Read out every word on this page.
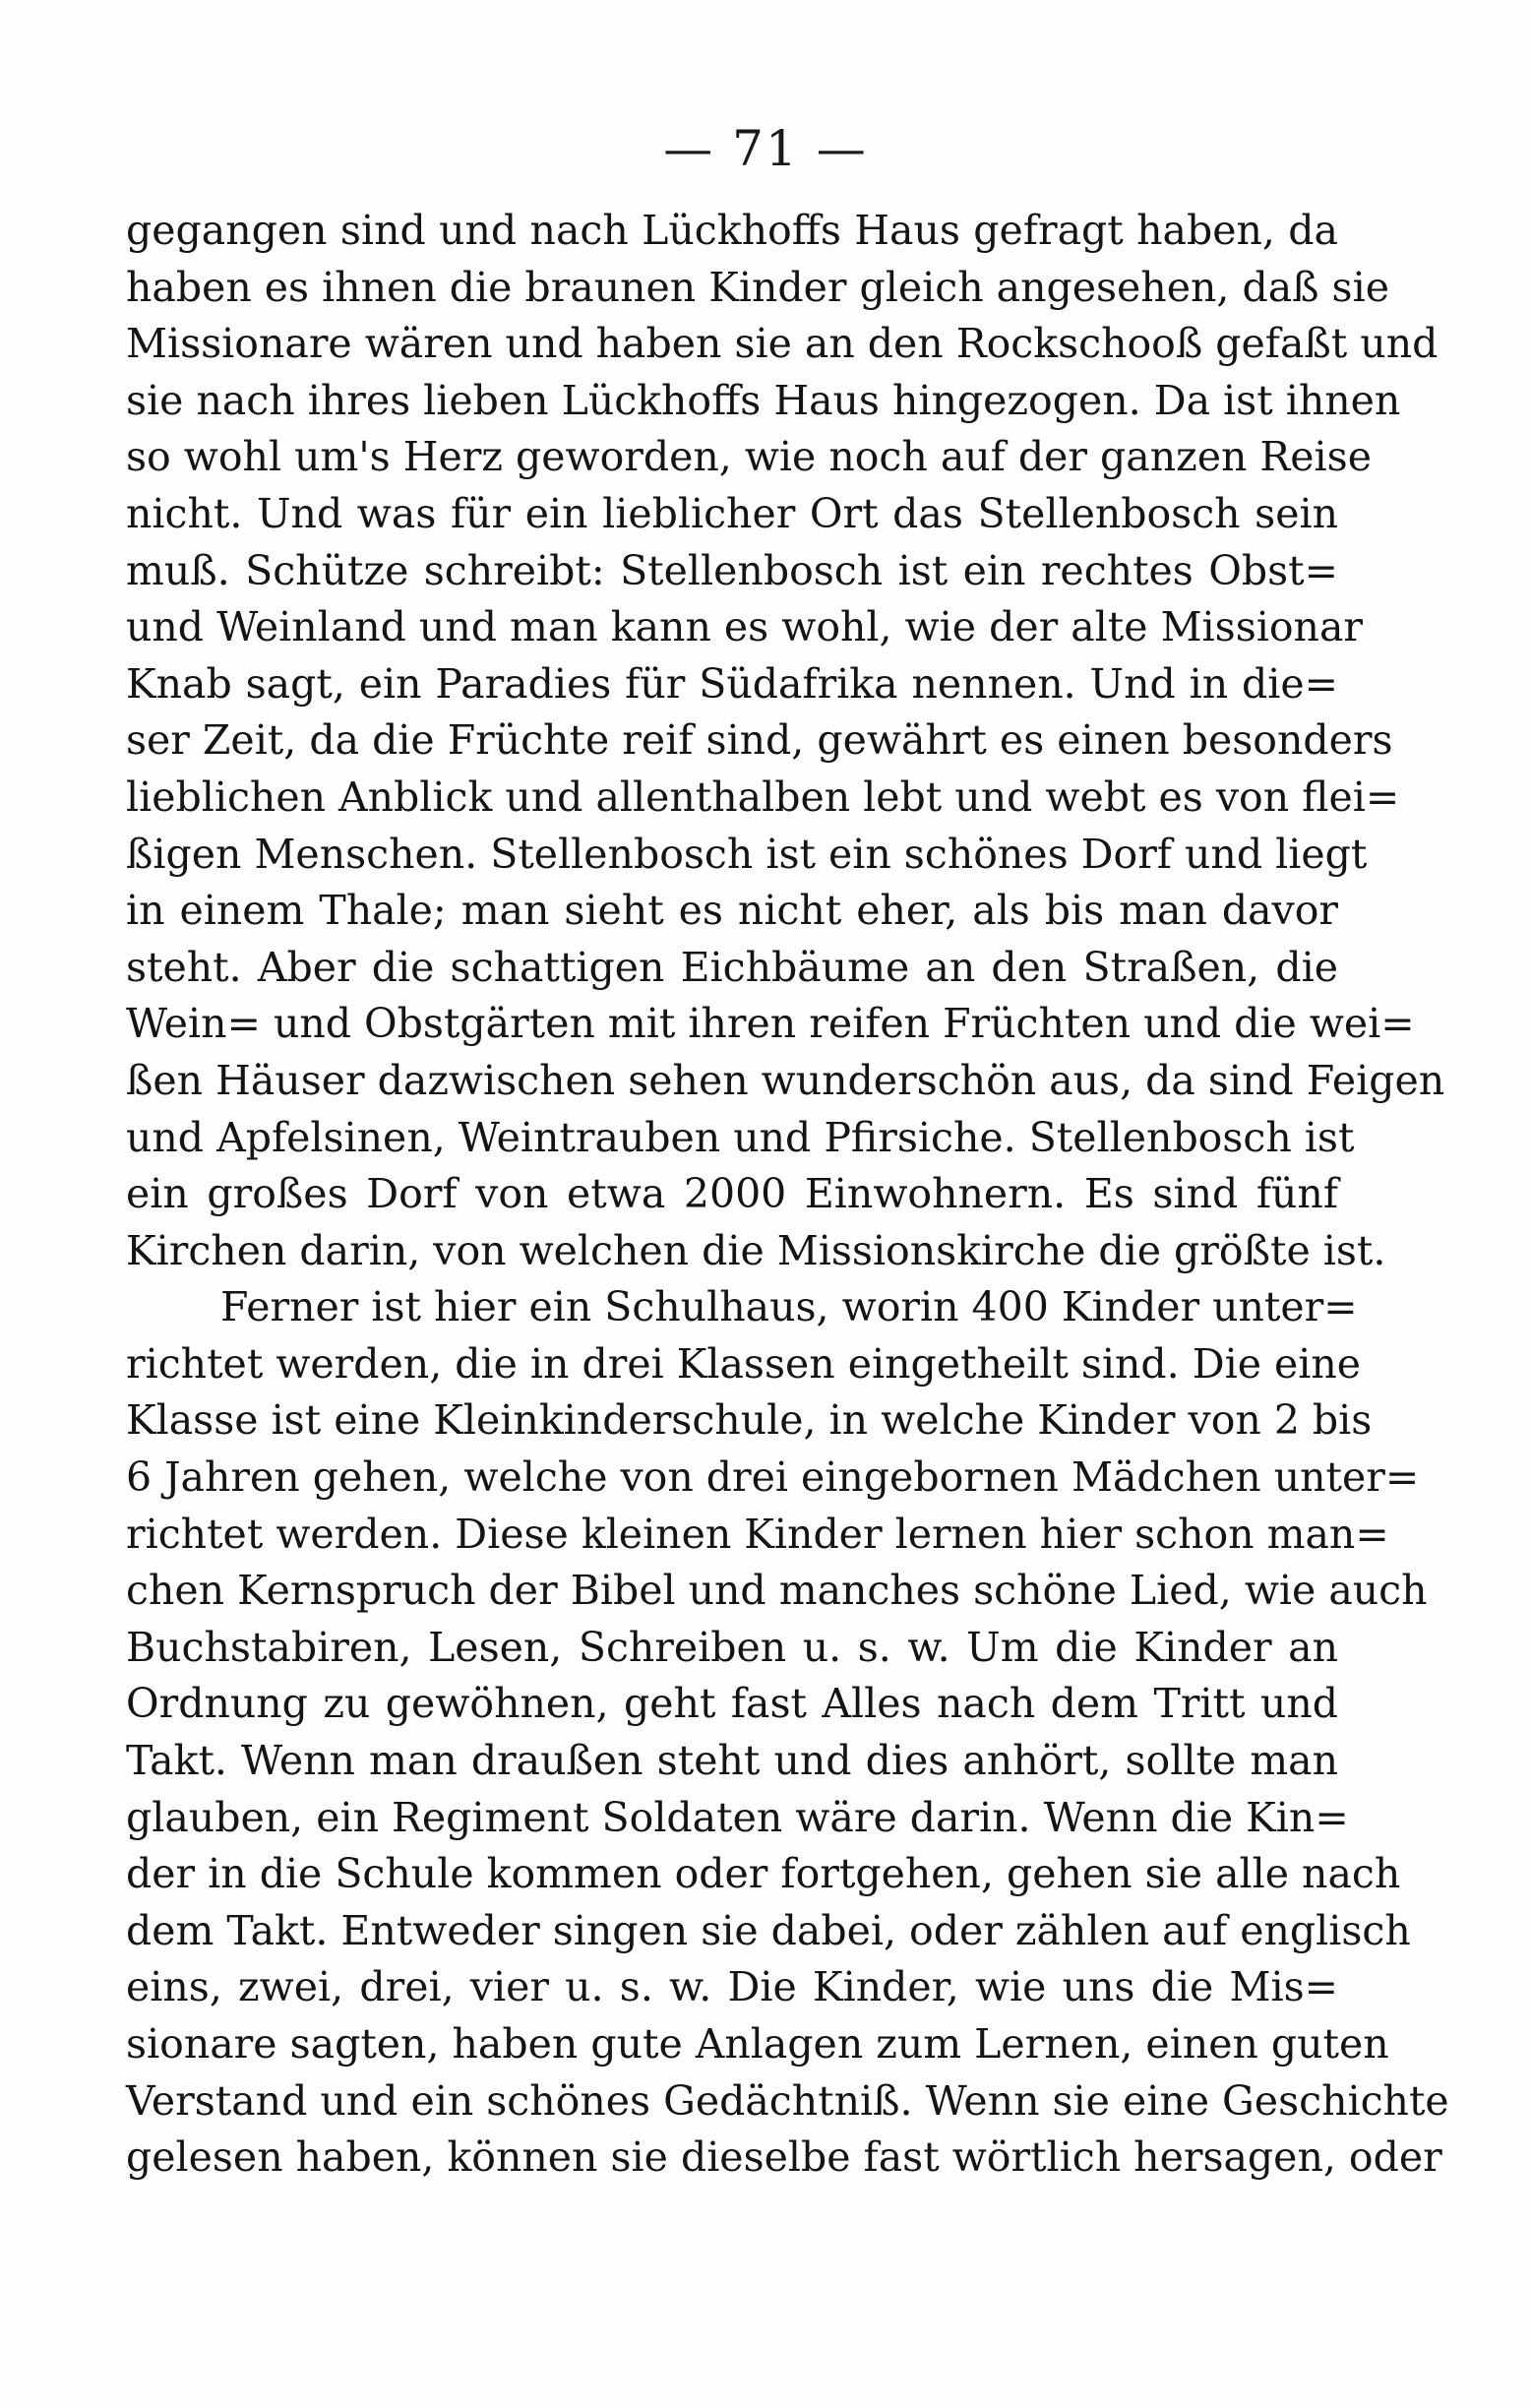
— 71 —
gegangen sind und nach Lückhoffs Haus gefragt haben, da
haben es ihnen die braunen Kinder gleich angesehen, daß sie
Missionare wären und haben sie an den Rockschooß gefaßt und
sie nach ihres lieben Lückhoffs Haus hingezogen. Da ist ihnen
so wohl um's Herz geworden, wie noch auf der ganzen Reise
nicht. Und was für ein lieblicher Ort das Stellenbosch sein
muß. Schütze schreibt: Stellenbosch ist ein rechtes Obst=
und Weinland und man kann es wohl, wie der alte Missionar
Knab sagt, ein Paradies für Südafrika nennen. Und in die=
ser Zeit, da die Früchte reif sind, gewährt es einen besonders
lieblichen Anblick und allenthalben lebt und webt es von flei=
ßigen Menschen. Stellenbosch ist ein schönes Dorf und liegt
in einem Thale; man sieht es nicht eher, als bis man davor
steht. Aber die schattigen Eichbäume an den Straßen, die
Wein= und Obstgärten mit ihren reifen Früchten und die wei=
ßen Häuser dazwischen sehen wunderschön aus, da sind Feigen
und Apfelsinen, Weintrauben und Pfirsiche. Stellenbosch ist
ein großes Dorf von etwa 2000 Einwohnern. Es sind fünf
Kirchen darin, von welchen die Missionskirche die größte ist.
Ferner ist hier ein Schulhaus, worin 400 Kinder unter=
richtet werden, die in drei Klassen eingetheilt sind. Die eine
Klasse ist eine Kleinkinderschule, in welche Kinder von 2 bis
6 Jahren gehen, welche von drei eingebornen Mädchen unter=
richtet werden. Diese kleinen Kinder lernen hier schon man=
chen Kernspruch der Bibel und manches schöne Lied, wie auch
Buchstabiren, Lesen, Schreiben u. s. w. Um die Kinder an
Ordnung zu gewöhnen, geht fast Alles nach dem Tritt und
Takt. Wenn man draußen steht und dies anhört, sollte man
glauben, ein Regiment Soldaten wäre darin. Wenn die Kin=
der in die Schule kommen oder fortgehen, gehen sie alle nach
dem Takt. Entweder singen sie dabei, oder zählen auf englisch
eins, zwei, drei, vier u. s. w. Die Kinder, wie uns die Mis=
sionare sagten, haben gute Anlagen zum Lernen, einen guten
Verstand und ein schönes Gedächtniß. Wenn sie eine Geschichte
gelesen haben, können sie dieselbe fast wörtlich hersagen, oder
